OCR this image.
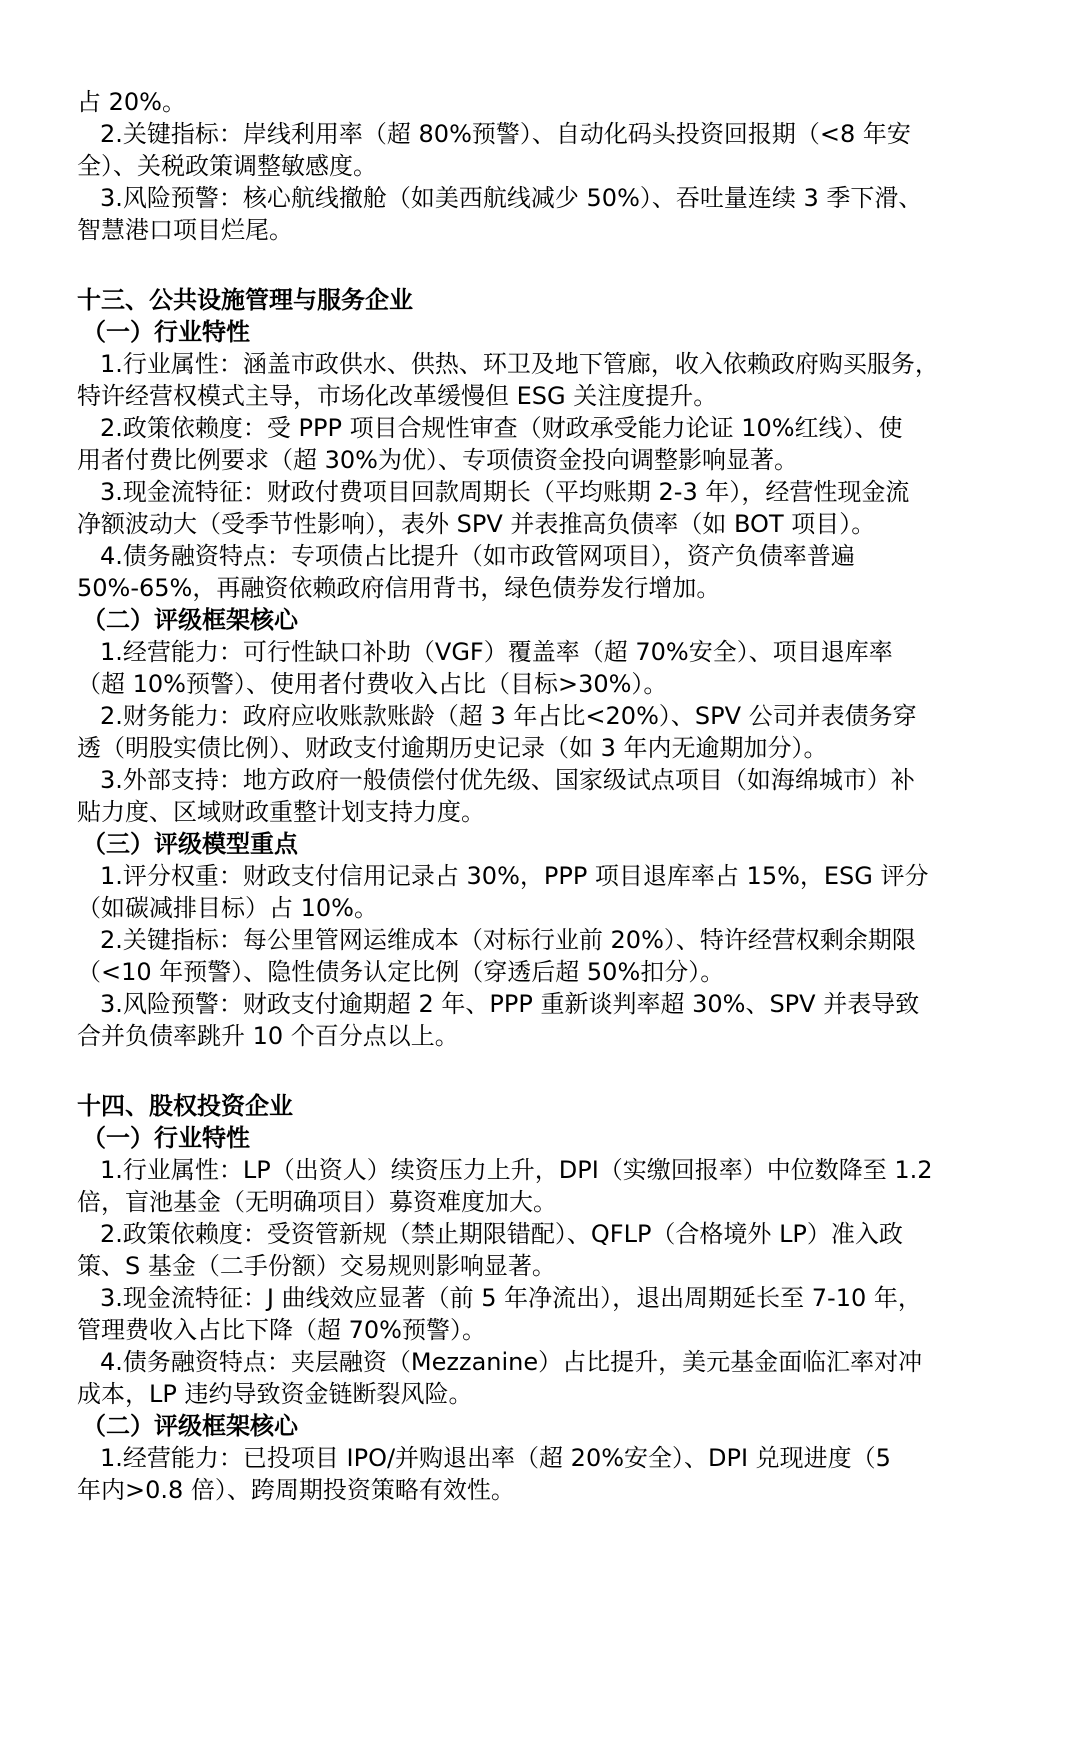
占 20%。
2.关键指标：岸线利用率（超 80%预警）、自动化码头投资回报期（<8 年安
全）、关税政策调整敏感度。
3.风险预警：核心航线撤舱（如美西航线减少 50%）、吞吐量连续 3 季下滑、
智慧港口项目烂尾。
十三、公共设施管理与服务企业
（一）行业特性
1.行业属性：涵盖市政供水、供热、环卫及地下管廊，收入依赖政府购买服务，
特许经营权模式主导，市场化改革缓慢但 ESG 关注度提升。
2.政策依赖度：受 PPP 项目合规性审查（财政承受能力论证 10%红线）、使
用者付费比例要求（超 30%为优）、专项债资金投向调整影响显著。
3.现金流特征：财政付费项目回款周期长（平均账期 2-3 年），经营性现金流
净额波动大（受季节性影响），表外 SPV 并表推高负债率（如 BOT 项目）。
4.债务融资特点：专项债占比提升（如市政管网项目），资产负债率普遍
50%-65%，再融资依赖政府信用背书，绿色债券发行增加。
（二）评级框架核心
1.经营能力：可行性缺口补助（VGF）覆盖率（超 70%安全）、项目退库率
（超 10%预警）、使用者付费收入占比（目标>30%）。
2.财务能力：政府应收账款账龄（超 3 年占比<20%）、SPV 公司并表债务穿
透（明股实债比例）、财政支付逾期历史记录（如 3 年内无逾期加分）。
3.外部支持：地方政府一般债偿付优先级、国家级试点项目（如海绵城市）补
贴力度、区域财政重整计划支持力度。
（三）评级模型重点
1.评分权重：财政支付信用记录占 30%，PPP 项目退库率占 15%，ESG 评分
（如碳减排目标）占 10%。
2.关键指标：每公里管网运维成本（对标行业前 20%）、特许经营权剩余期限
（<10 年预警）、隐性债务认定比例（穿透后超 50%扣分）。
3.风险预警：财政支付逾期超 2 年、PPP 重新谈判率超 30%、SPV 并表导致
合并负债率跳升 10 个百分点以上。
十四、股权投资企业
（一）行业特性
1.行业属性：LP（出资人）续资压力上升，DPI（实缴回报率）中位数降至 1.2
倍，盲池基金（无明确项目）募资难度加大。
2.政策依赖度：受资管新规（禁止期限错配）、QFLP（合格境外 LP）准入政
策、S 基金（二手份额）交易规则影响显著。
3.现金流特征：J 曲线效应显著（前 5 年净流出），退出周期延长至 7-10 年，
管理费收入占比下降（超 70%预警）。
4.债务融资特点：夹层融资（Mezzanine）占比提升，美元基金面临汇率对冲
成本，LP 违约导致资金链断裂风险。
（二）评级框架核心
1.经营能力：已投项目 IPO/并购退出率（超 20%安全）、DPI 兑现进度（5
年内>0.8 倍）、跨周期投资策略有效性。
